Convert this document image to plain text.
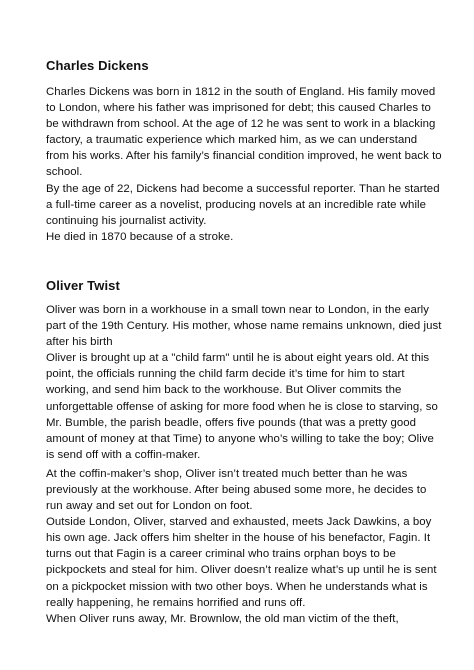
Charles Dickens

Charles Dickens was born in 1812 in the south of England. His family moved to London, where his father was imprisoned for debt; this caused Charles to be withdrawn from school. At the age of 12 he was sent to work in a blacking factory, a traumatic experience which marked him, as we can understand from his works. After his family’s financial condition improved, he went back to school.

By the age of 22, Dickens had become a successful reporter. Than he started a full-time career as a novelist, producing novels at an incredible rate while continuing his journalist activity.

He died in 1870 because of a stroke.

Oliver Twist

Oliver was born in a workhouse in a small town near to London, in the early part of the 19th Century. His mother, whose name remains unknown, died just after his birth

Oliver is brought up at a "child farm" until he is about eight years old. At this point, the officials running the child farm decide it’s time for him to start working, and send him back to the workhouse. But Oliver commits the unforgettable offense of asking for more food when he is close to starving, so Mr. Bumble, the parish beadle, offers five pounds (that was a pretty good amount of money at that Time) to anyone who’s willing to take the boy; Olive is send off with a coffin-maker.

At the coffin-maker’s shop, Oliver isn’t treated much better than he was previously at the workhouse. After being abused some more, he decides to run away and set out for London on foot.

Outside London, Oliver, starved and exhausted, meets Jack Dawkins, a boy his own age. Jack offers him shelter in the house of his benefactor, Fagin. It turns out that Fagin is a career criminal who trains orphan boys to be pickpockets and steal for him. Oliver doesn’t realize what’s up until he is sent on a pickpocket mission with two other boys. When he understands what is really happening, he remains horrified and runs off.

When Oliver runs away, Mr. Brownlow, the old man victim of the theft,
